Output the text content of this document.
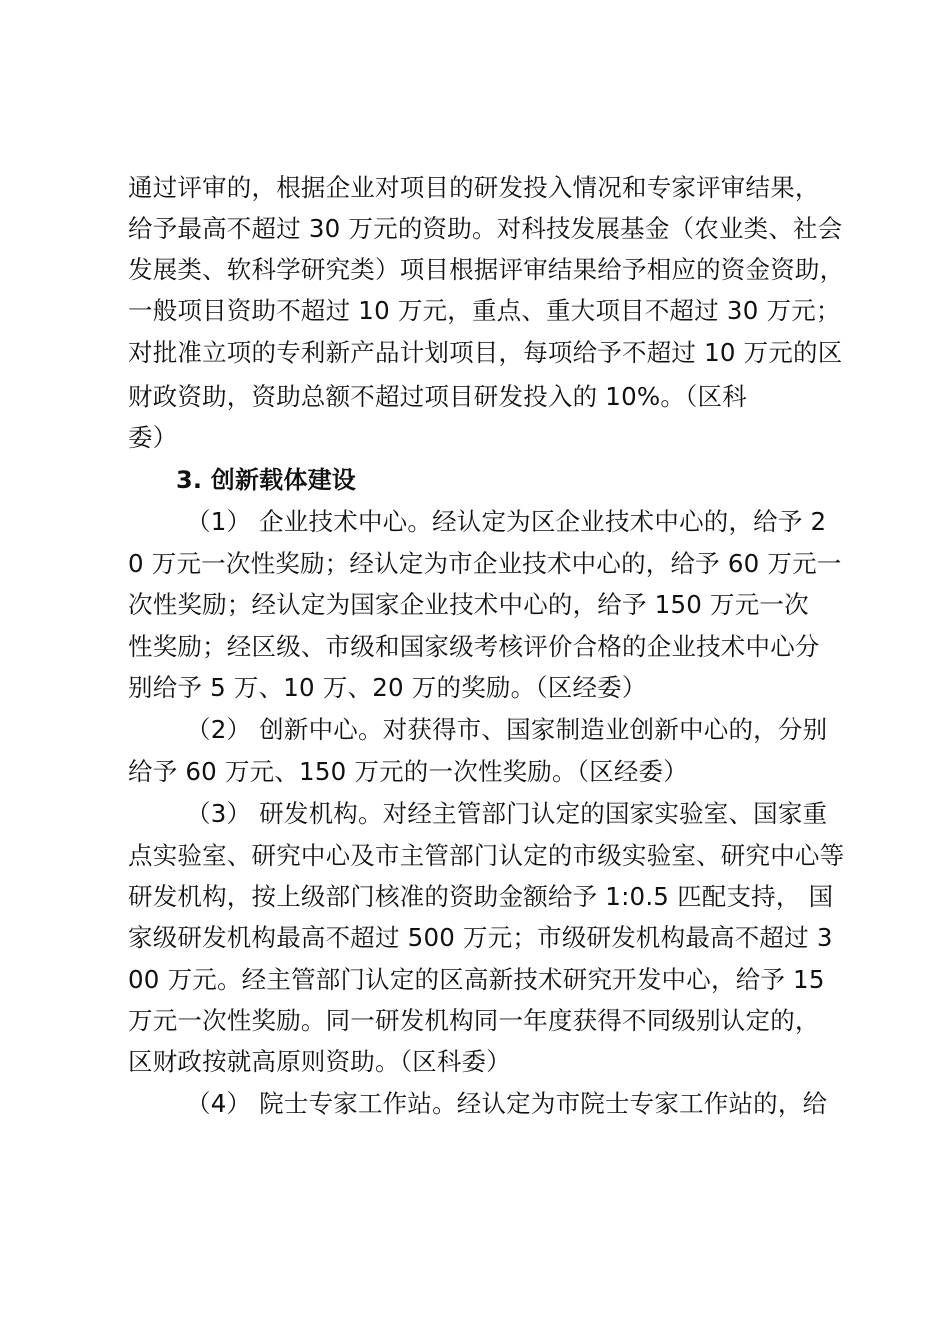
通过评审的，根据企业对项目的研发投入情况和专家评审结果，
给予最高不超过 30 万元的资助。对科技发展基金（农业类、社会
发展类、软科学研究类）项目根据评审结果给予相应的资金资助，
一般项目资助不超过 10 万元，重点、重大项目不超过 30 万元；
对批准立项的专利新产品计划项目，每项给予不超过 10 万元的区
财政资助，资助总额不超过项目研发投入的 10%。（区科
委）
3. 创新载体建设
（1） 企业技术中心。经认定为区企业技术中心的，给予 2
0 万元一次性奖励；经认定为市企业技术中心的，给予 60 万元一
次性奖励；经认定为国家企业技术中心的，给予 150 万元一次
性奖励；经区级、市级和国家级考核评价合格的企业技术中心分
别给予 5 万、10 万、20 万的奖励。（区经委）
（2） 创新中心。对获得市、国家制造业创新中心的，分别
给予 60 万元、150 万元的一次性奖励。（区经委）
（3） 研发机构。对经主管部门认定的国家实验室、国家重
点实验室、研究中心及市主管部门认定的市级实验室、研究中心等
研发机构，按上级部门核准的资助金额给予 1:0.5 匹配支持， 国
家级研发机构最高不超过 500 万元；市级研发机构最高不超过 3
00 万元。经主管部门认定的区高新技术研究开发中心，给予 15
万元一次性奖励。同一研发机构同一年度获得不同级别认定的，
区财政按就高原则资助。（区科委）
（4） 院士专家工作站。经认定为市院士专家工作站的，给
